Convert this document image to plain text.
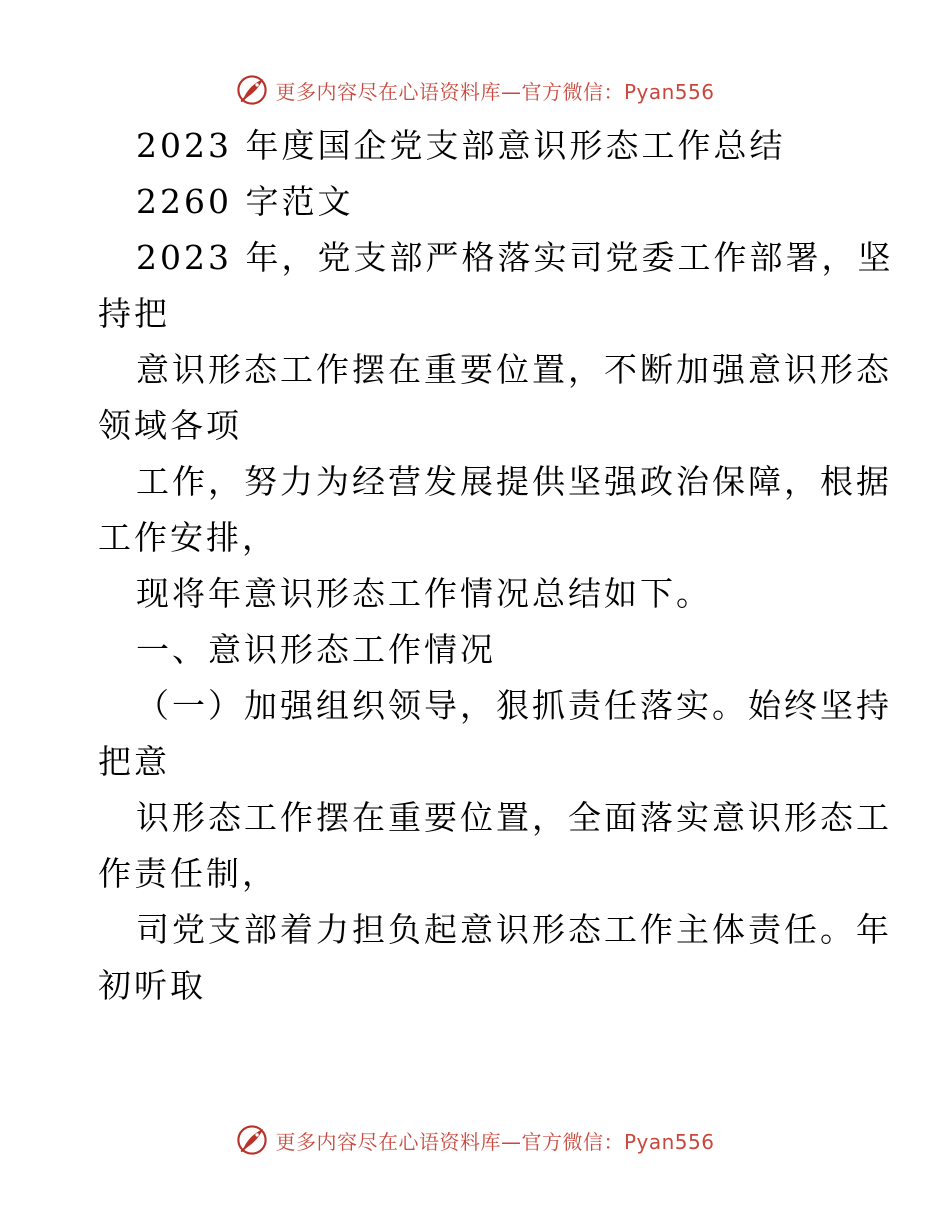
更多内容尽在心语资料库—官方微信：Pyan556
2023 年度国企党支部意识形态工作总结
2260 字范文
2023 年，党支部严格落实司党委工作部署，坚
持把
意识形态工作摆在重要位置，不断加强意识形态
领域各项
工作，努力为经营发展提供坚强政治保障，根据
工作安排，
现将年意识形态工作情况总结如下。
一、意识形态工作情况
（一）加强组织领导，狠抓责任落实。始终坚持
把意
识形态工作摆在重要位置，全面落实意识形态工
作责任制，
司党支部着力担负起意识形态工作主体责任。年
初听取
更多内容尽在心语资料库—官方微信：Pyan556
